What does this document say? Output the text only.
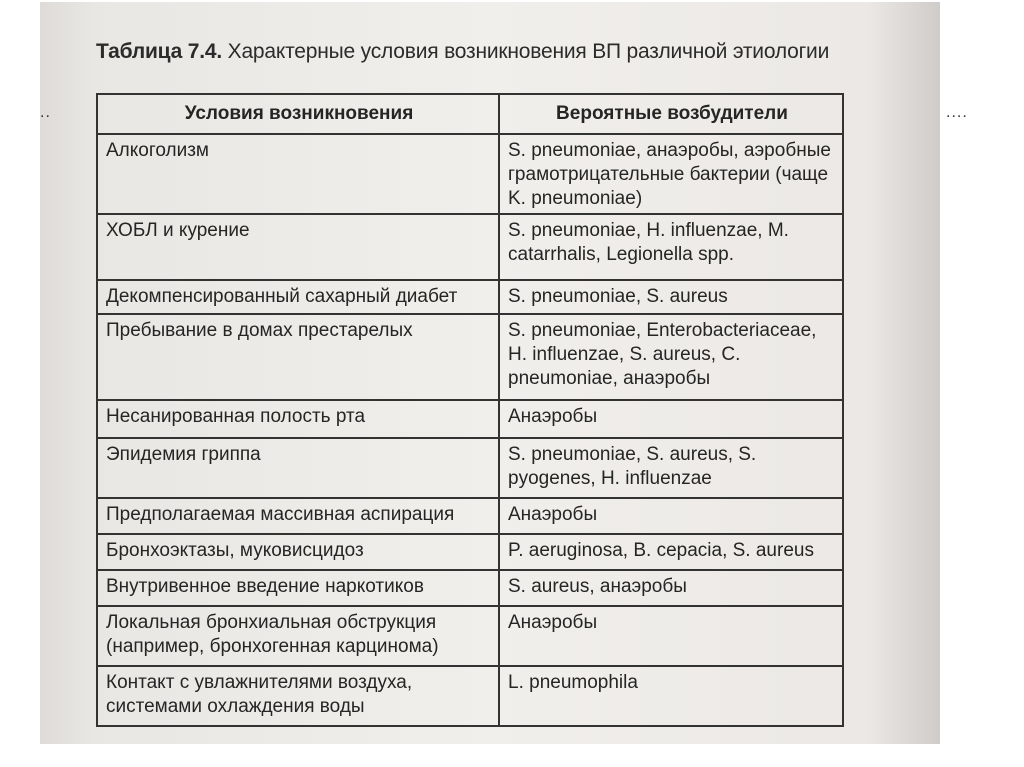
Таблица 7.4. Характерные условия возникновения ВП различной этиологии
..	....
Условия возникновения	Вероятные возбудители
Алкоголизм	S. pneumoniae, анаэробы, аэробные грамотрицательные бактерии (чаще K. pneumoniae)
ХОБЛ и курение	S. pneumoniae, H. influenzae, M. catarrhalis, Legionella spp.
Декомпенсированный сахарный диабет	S. pneumoniae, S. aureus
Пребывание в домах престарелых	S. pneumoniae, Enterobacteriaceae, H. influenzae, S. aureus, C. pneumoniae, анаэробы
Несанированная полость рта	Анаэробы
Эпидемия гриппа	S. pneumoniae, S. aureus, S. pyogenes, H. influenzae
Предполагаемая массивная аспирация	Анаэробы
Бронхоэктазы, муковисцидоз	P. aeruginosa, B. cepacia, S. aureus
Внутривенное введение наркотиков	S. aureus, анаэробы
Локальная бронхиальная обструкция (например, бронхогенная карцинома)	Анаэробы
Контакт с увлажнителями воздуха, системами охлаждения воды	L. pneumophila
